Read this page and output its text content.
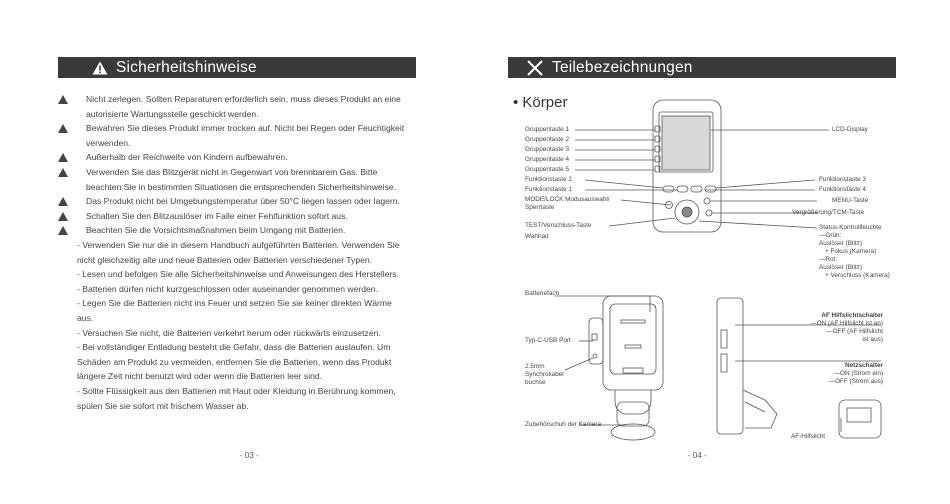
Sicherheitshinweise
Nicht zerlegen. Sollten Reparaturen erforderlich sein, muss dieses Produkt an eine
autorisierte Wartungsstelle geschickt werden.
Bewahren Sie dieses Produkt immer trocken auf. Nicht bei Regen oder Feuchtigkeit
verwenden.
Außerhalb der Reichweite von Kindern aufbewahren.
Verwenden Sie das Blitzgerät nicht in Gegenwart von brennbarem Gas. Bitte
beachten Sie in bestimmten Situationen die entsprechenden Sicherheitshinweise.
Das Produkt nicht bei Umgebungstemperatur über 50°C liegen lassen oder lagern.
Schalten Sie den Blitzauslöser im Falle einer Fehlfunktion sofort aus.
Beachten Sie die Vorsichtsmaßnahmen beim Umgang mit Batterien.
- Verwenden Sie nur die in diesem Handbuch aufgeführten Batterien. Verwenden Sie
nicht gleichzeitig alte und neue Batterien oder Batterien verschiedener Typen.
- Lesen und befolgen Sie alle Sicherheitshinweise und Anweisungen des Herstellers.
- Batterien dürfen nicht kurzgeschlossen oder auseinander genommen werden.
- Legen Sie die Batterien nicht ins Feuer und setzen Sie sie keiner direkten Wärme
aus.
- Versuchen Sie nicht, die Batterien verkehrt herum oder rückwärts einzusetzen.
- Bei vollständiger Entladung besteht die Gefahr, dass die Batterien auslaufen. Um
Schäden am Produkt zu vermeiden, entfernen Sie die Batterien, wenn das Produkt
längere Zeit nicht benutzt wird oder wenn die Batterien leer sind.
- Sollte Flüssigkeit aus den Batterien mit Haut oder Kleidung in Berührung kommen,
spülen Sie sie sofort mit frischem Wasser ab.
- 03 -
Teilebezeichnungen
• Körper
Gruppentaste 1
Gruppentaste 2
Gruppentaste 3
Gruppentaste 4
Gruppentaste 5
Funktionstaste 2
Funktionstaste 1
MODE/LOCK Modusauswahl/
Sperrtaste
TEST/Verschluss-Taste
Wahlrad
LCD-Display
Funktionstaste 3
Funktionstaste 4
MENU-Taste
Vergrößerung/TCM-Taste
Status-Kontrollleuchte
—Grün:
Auslöser (Blitz)
+ Fokus (Kamera)
—Rot:
Auslöser (Blitz)
+ Verschluss (Kamera)
Batteriefach
Typ-C-USB Port
2.5mm
Synchrokabel
buchse
Zubehörschuh der Kamera
AF Hilfslichtschalter
—ON (AF Hilfslicht ist an)
—OFF (AF Hilfslicht
ist aus)
Netzschalter
—ON (Strom ein)
—OFF (Strom aus)
AF-Hilfslicht
- 04 -
